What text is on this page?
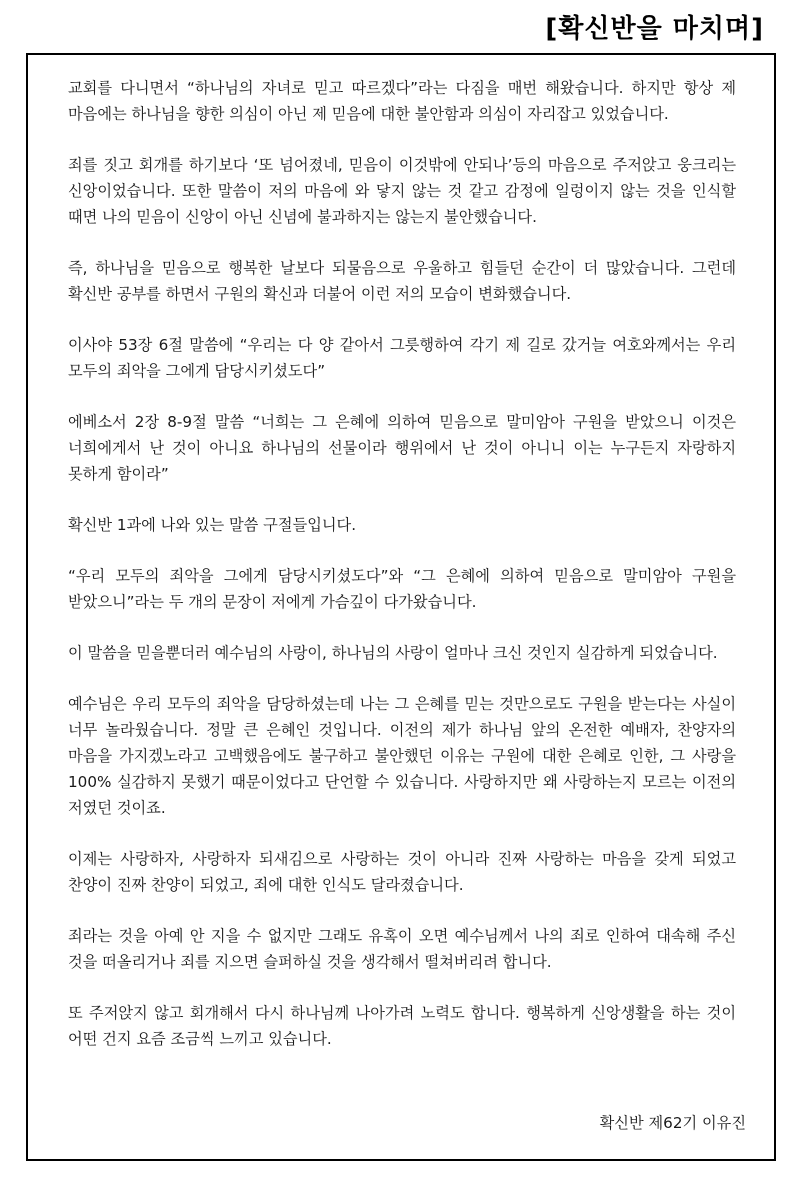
[확신반을 마치며]

교회를 다니면서 “하나님의 자녀로 믿고 따르겠다”라는 다짐을 매번 해왔습니다. 하지만 항상 제 마음에는 하나님을 향한 의심이 아닌 제 믿음에 대한 불안함과 의심이 자리잡고 있었습니다.

죄를 짓고 회개를 하기보다 ‘또 넘어졌네, 믿음이 이것밖에 안되나’등의 마음으로 주저앉고 웅크리는 신앙이었습니다. 또한 말씀이 저의 마음에 와 닿지 않는 것 같고 감정에 일렁이지 않는 것을 인식할 때면 나의 믿음이 신앙이 아닌 신념에 불과하지는 않는지 불안했습니다.

즉, 하나님을 믿음으로 행복한 날보다 되물음으로 우울하고 힘들던 순간이 더 많았습니다. 그런데 확신반 공부를 하면서 구원의 확신과 더불어 이런 저의 모습이 변화했습니다.

이사야 53장 6절 말씀에 “우리는 다 양 같아서 그릇행하여 각기 제 길로 갔거늘 여호와께서는 우리 모두의 죄악을 그에게 담당시키셨도다”

에베소서 2장 8-9절 말씀 “너희는 그 은혜에 의하여 믿음으로 말미암아 구원을 받았으니 이것은 너희에게서 난 것이 아니요 하나님의 선물이라 행위에서 난 것이 아니니 이는 누구든지 자랑하지 못하게 함이라”

확신반 1과에 나와 있는 말씀 구절들입니다.

“우리 모두의 죄악을 그에게 담당시키셨도다”와 “그 은혜에 의하여 믿음으로 말미암아 구원을 받았으니”라는 두 개의 문장이 저에게 가슴깊이 다가왔습니다.

이 말씀을 믿을뿐더러 예수님의 사랑이, 하나님의 사랑이 얼마나 크신 것인지 실감하게 되었습니다.

예수님은 우리 모두의 죄악을 담당하셨는데 나는 그 은혜를 믿는 것만으로도 구원을 받는다는 사실이 너무 놀라웠습니다. 정말 큰 은혜인 것입니다. 이전의 제가 하나님 앞의 온전한 예배자, 찬양자의 마음을 가지겠노라고 고백했음에도 불구하고 불안했던 이유는 구원에 대한 은혜로 인한, 그 사랑을 100% 실감하지 못했기 때문이었다고 단언할 수 있습니다. 사랑하지만 왜 사랑하는지 모르는 이전의 저였던 것이죠.

이제는 사랑하자, 사랑하자 되새김으로 사랑하는 것이 아니라 진짜 사랑하는 마음을 갖게 되었고 찬양이 진짜 찬양이 되었고, 죄에 대한 인식도 달라졌습니다.

죄라는 것을 아예 안 지을 수 없지만 그래도 유혹이 오면 예수님께서 나의 죄로 인하여 대속해 주신 것을 떠올리거나 죄를 지으면 슬퍼하실 것을 생각해서 떨쳐버리려 합니다.

또 주저앉지 않고 회개해서 다시 하나님께 나아가려 노력도 합니다. 행복하게 신앙생활을 하는 것이 어떤 건지 요즘 조금씩 느끼고 있습니다.

확신반 제62기 이유진
